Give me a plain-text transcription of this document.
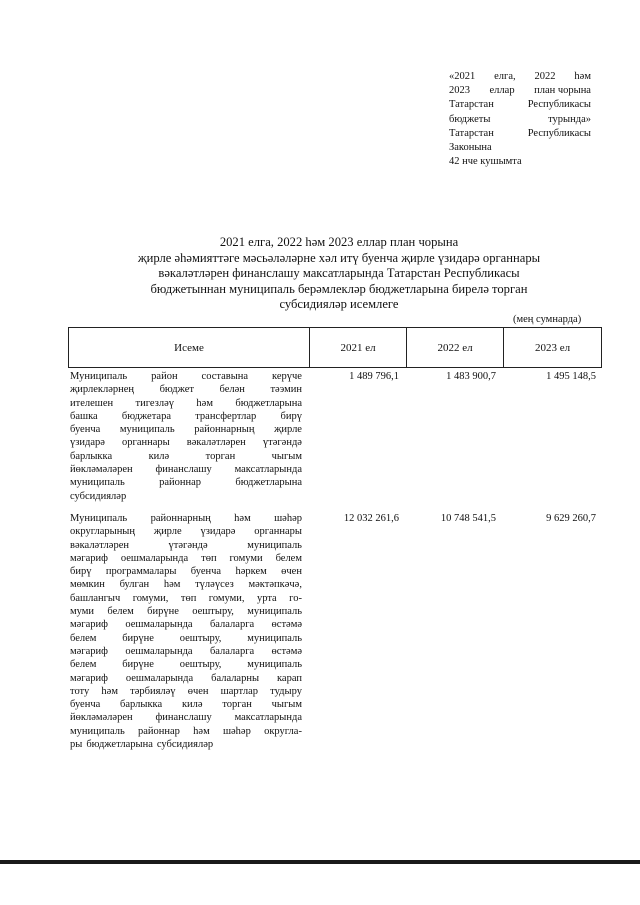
«2021 елга, 2022 һәм
2023 еллар план чорына
Татарстан	Республикасы
бюджеты	турында»
Татарстан	Республикасы
Законына
42 нче кушымта
2021 елга, 2022 һәм 2023 еллар план чорына
җирле әһәмияттәге мәсьәләләрне хәл итү буенча җирле үзидарә органнары
вәкаләтләрен финанслашу максатларында Татарстан Республикасы
бюджетыннан муниципаль берәмлекләр бюджетларына бирелә торган
субсидияләр исемлеге
(мең сумнарда)
Исеме	2021 ел	2022 ел	2023 ел
Муниципаль район составына керүче
җирлекләрнең бюджет белән тәэмин
ителешен тигезләү һәм бюджетларына
башка бюджетара трансфертлар бирү
буенча муниципаль районнарның җирле
үзидарә органнары вәкаләтләрен үтәгәндә
барлыкка	килә	торган	чыгым
йөкләмәләрен финанслашу максатларында
муниципаль	районнар	бюджетларына
субсидияләр
1 489 796,1	1 483 900,7	1 495 148,5
Муниципаль районнарның һәм шәһәр
округларының җирле үзидарә органнары
вәкаләтләрен	үтәгәндә	муниципаль
мәгариф оешмаларында төп гомуми белем
бирү программалары буенча һәркем өчен
мөмкин булган һәм түләүсез мәктәпкәчә,
башлангыч гомуми, төп гомуми, урта го-
муми белем бирүне оештыру, муниципаль
мәгариф оешмаларында балаларга өстәмә
белем бирүне оештыру, муниципаль
мәгариф оешмаларында балаларга өстәмә
белем бирүне оештыру, муниципаль
мәгариф оешмаларында балаларны карап
тоту һәм тәрбияләү өчен шартлар тудыру
буенча барлыкка килә торган чыгым
йөкләмәләрен финанслашу максатларында
муниципаль районнар һәм шәһәр округла-
ры бюджетларына субсидияләр
12 032 261,6	10 748 541,5	9 629 260,7
